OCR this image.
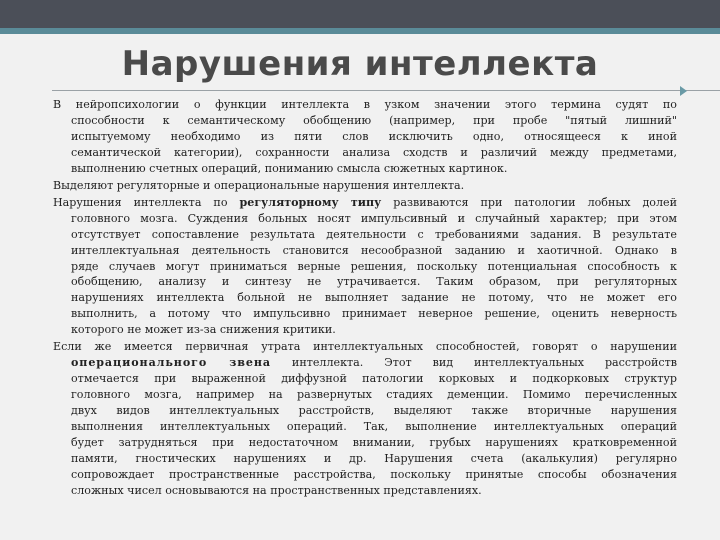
Нарушения интеллекта
В нейропсихологии о функции интеллекта в узком значении этого термина судят по
способности к семантическому обобщению (например, при пробе "пятый лишний"
испытуемому необходимо из пяти слов исключить одно, относящееся к иной
семантической категории), сохранности анализа сходств и различий между предметами,
выполнению счетных операций, пониманию смысла сюжетных картинок.
Выделяют регуляторные и операциональные нарушения интеллекта.
Нарушения интеллекта по регуляторному типу развиваются при патологии лобных долей
головного мозга. Суждения больных носят импульсивный и случайный характер; при этом
отсутствует сопоставление результата деятельности с требованиями задания. В результате
интеллектуальная деятельность становится несообразной заданию и хаотичной. Однако в
ряде случаев могут приниматься верные решения, поскольку потенциальная способность к
обобщению, анализу и синтезу не утрачивается. Таким образом, при регуляторных
нарушениях интеллекта больной не выполняет задание не потому, что не может его
выполнить, а потому что импульсивно принимает неверное решение, оценить неверность
которого не может из-за снижения критики.
Если же имеется первичная утрата интеллектуальных способностей, говорят о нарушении
операционального звена интеллекта. Этот вид интеллектуальных расстройств
отмечается при выраженной диффузной патологии корковых и подкорковых структур
головного мозга, например на развернутых стадиях деменции. Помимо перечисленных
двух видов интеллектуальных расстройств, выделяют также вторичные нарушения
выполнения интеллектуальных операций. Так, выполнение интеллектуальных операций
будет затрудняться при недостаточном внимании, грубых нарушениях кратковременной
памяти, гностических нарушениях и др. Нарушения счета (акалькулия) регулярно
сопровождает пространственные расстройства, поскольку принятые способы обозначения
сложных чисел основываются на пространственных представлениях.
